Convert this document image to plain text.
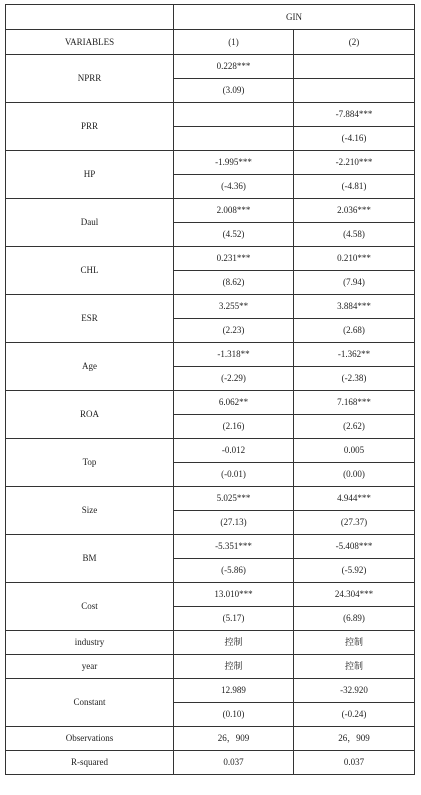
	GIN	
VARIABLES	(1)	(2)
NPRR	0.228***	
	(3.09)	
PRR		-7.884***
		(-4.16)
HP	-1.995***	-2.210***
	(-4.36)	(-4.81)
Daul	2.008***	2.036***
	(4.52)	(4.58)
CHL	0.231***	0.210***
	(8.62)	(7.94)
ESR	3.255**	3.884***
	(2.23)	(2.68)
Age	-1.318**	-1.362**
	(-2.29)	(-2.38)
ROA	6.062**	7.168***
	(2.16)	(2.62)
Top	-0.012	0.005
	(-0.01)	(0.00)
Size	5.025***	4.944***
	(27.13)	(27.37)
BM	-5.351***	-5.408***
	(-5.86)	(-5.92)
Cost	13.010***	24.304***
	(5.17)	(6.89)
industry	控制	控制
year	控制	控制
Constant	12.989	-32.920
	(0.10)	(-0.24)
Observations	26，909	26，909
R-squared	0.037	0.037
